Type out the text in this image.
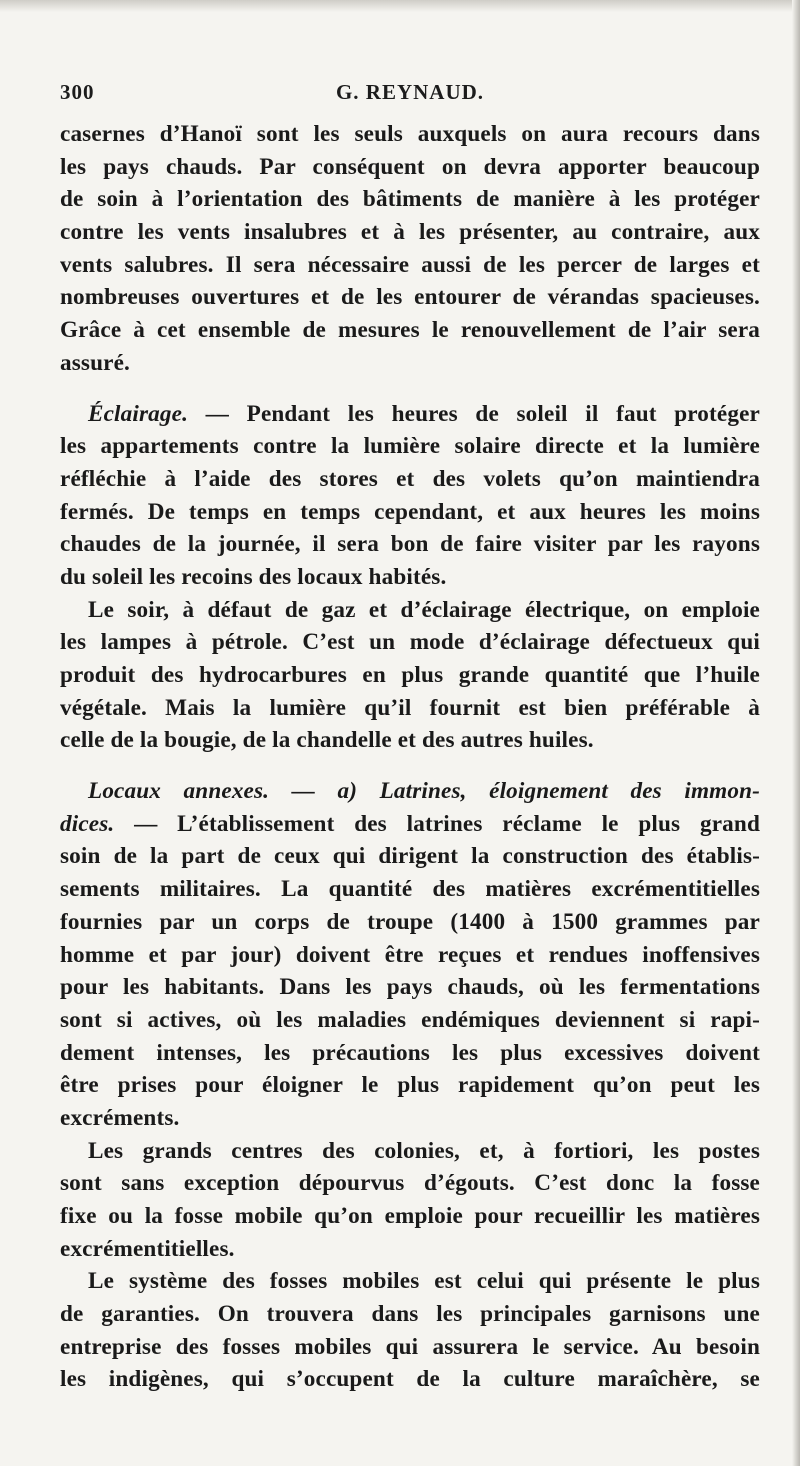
300	G. REYNAUD.
casernes d’Hanoï sont les seuls auxquels on aura recours dans
les pays chauds. Par conséquent on devra apporter beaucoup
de soin à l’orientation des bâtiments de manière à les protéger
contre les vents insalubres et à les présenter, au contraire, aux
vents salubres. Il sera nécessaire aussi de les percer de larges et
nombreuses ouvertures et de les entourer de vérandas spacieuses.
Grâce à cet ensemble de mesures le renouvellement de l’air sera
assuré.
Éclairage. — Pendant les heures de soleil il faut protéger
les appartements contre la lumière solaire directe et la lumière
réfléchie à l’aide des stores et des volets qu’on maintiendra
fermés. De temps en temps cependant, et aux heures les moins
chaudes de la journée, il sera bon de faire visiter par les rayons
du soleil les recoins des locaux habités.
Le soir, à défaut de gaz et d’éclairage électrique, on emploie
les lampes à pétrole. C’est un mode d’éclairage défectueux qui
produit des hydrocarbures en plus grande quantité que l’huile
végétale. Mais la lumière qu’il fournit est bien préférable à
celle de la bougie, de la chandelle et des autres huiles.
Locaux annexes. — a) Latrines, éloignement des immon-
dices. — L’établissement des latrines réclame le plus grand
soin de la part de ceux qui dirigent la construction des établis-
sements militaires. La quantité des matières excrémentitielles
fournies par un corps de troupe (1400 à 1500 grammes par
homme et par jour) doivent être reçues et rendues inoffensives
pour les habitants. Dans les pays chauds, où les fermentations
sont si actives, où les maladies endémiques deviennent si rapi-
dement intenses, les précautions les plus excessives doivent
être prises pour éloigner le plus rapidement qu’on peut les
excréments.
Les grands centres des colonies, et, à fortiori, les postes
sont sans exception dépourvus d’égouts. C’est donc la fosse
fixe ou la fosse mobile qu’on emploie pour recueillir les matières
excrémentitielles.
Le système des fosses mobiles est celui qui présente le plus
de garanties. On trouvera dans les principales garnisons une
entreprise des fosses mobiles qui assurera le service. Au besoin
les indigènes, qui s’occupent de la culture maraîchère, se
